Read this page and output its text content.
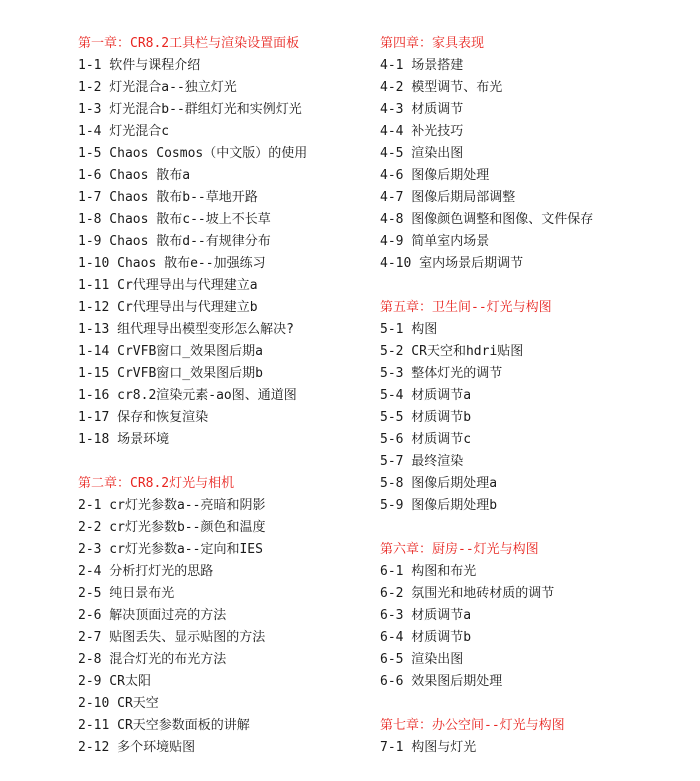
第一章：CR8.2工具栏与渲染设置面板
1-1 软件与课程介绍
1-2 灯光混合a--独立灯光
1-3 灯光混合b--群组灯光和实例灯光
1-4 灯光混合c
1-5 Chaos Cosmos（中文版）的使用
1-6 Chaos 散布a
1-7 Chaos 散布b--草地开路
1-8 Chaos 散布c--坡上不长草
1-9 Chaos 散布d--有规律分布
1-10 Chaos 散布e--加强练习
1-11 Cr代理导出与代理建立a
1-12 Cr代理导出与代理建立b
1-13 组代理导出模型变形怎么解决?
1-14 CrVFB窗口_效果图后期a
1-15 CrVFB窗口_效果图后期b
1-16 cr8.2渲染元素-ao图、通道图
1-17 保存和恢复渲染
1-18 场景环境
第二章：CR8.2灯光与相机
2-1 cr灯光参数a--亮暗和阴影
2-2 cr灯光参数b--颜色和温度
2-3 cr灯光参数a--定向和IES
2-4 分析打灯光的思路
2-5 纯日景布光
2-6 解决顶面过亮的方法
2-7 贴图丢失、显示贴图的方法
2-8 混合灯光的布光方法
2-9 CR太阳
2-10 CR天空
2-11 CR天空参数面板的讲解
2-12 多个环境贴图
第四章：家具表现
4-1 场景搭建
4-2 模型调节、布光
4-3 材质调节
4-4 补光技巧
4-5 渲染出图
4-6 图像后期处理
4-7 图像后期局部调整
4-8 图像颜色调整和图像、文件保存
4-9 简单室内场景
4-10 室内场景后期调节
第五章：卫生间--灯光与构图
5-1 构图
5-2 CR天空和hdri贴图
5-3 整体灯光的调节
5-4 材质调节a
5-5 材质调节b
5-6 材质调节c
5-7 最终渲染
5-8 图像后期处理a
5-9 图像后期处理b
第六章：厨房--灯光与构图
6-1 构图和布光
6-2 氛围光和地砖材质的调节
6-3 材质调节a
6-4 材质调节b
6-5 渲染出图
6-6 效果图后期处理
第七章：办公空间--灯光与构图
7-1 构图与灯光
